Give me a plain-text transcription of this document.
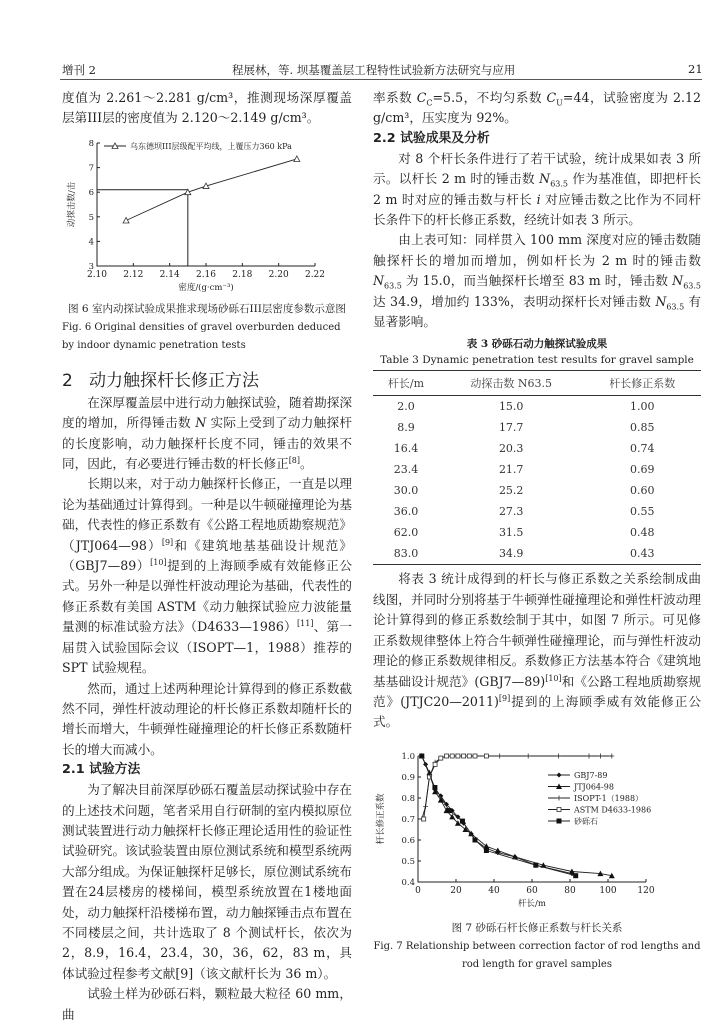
增刊 2	程展林，等. 坝基覆盖层工程特性试验新方法研究与应用	21
度值为 2.261～2.281 g/cm³，推测现场深厚覆盖层第III层的密度值为 2.120～2.149 g/cm³。
2.10 2.12 2.14 2.16 2.18 2.20 2.22
3
4
5
6
7
8
密度/(g·cm⁻³)
动探击数/击
乌东德坝III层级配平均线，上覆压力360 kPa
图 6 室内动探试验成果推求现场砂砾石III层密度参数示意图
Fig. 6 Original densities of gravel overburden deduced by indoor dynamic penetration tests
2 动力触探杆长修正方法
在深厚覆盖层中进行动力触探试验，随着勘探深度的增加，所得锤击数 N 实际上受到了动力触探杆的长度影响，动力触探杆长度不同，锤击的效果不同，因此，有必要进行锤击数的杆长修正[8]。
长期以来，对于动力触探杆长修正，一直是以理论为基础通过计算得到。一种是以牛顿碰撞理论为基础，代表性的修正系数有《公路工程地质勘察规范》（JTJ064—98）[9]和《建筑地基基础设计规范》（GBJ7—89）[10]提到的上海顾季威有效能修正公式。另外一种是以弹性杆波动理论为基础，代表性的修正系数有美国 ASTM《动力触探试验应力波能量量测的标准试验方法》（D4633—1986）[11]、第一届贯入试验国际会议（ISOPT—1，1988）推荐的 SPT 试验规程。
然而，通过上述两种理论计算得到的修正系数截然不同，弹性杆波动理论的杆长修正系数却随杆长的增长而增大，牛顿弹性碰撞理论的杆长修正系数随杆长的增大而减小。
2.1 试验方法
为了解决目前深厚砂砾石覆盖层动探试验中存在的上述技术问题，笔者采用自行研制的室内模拟原位测试装置进行动力触探杆长修正理论适用性的验证性试验研究。该试验装置由原位测试系统和模型系统两大部分组成。为保证触探杆足够长，原位测试系统布置在24层楼房的楼梯间，模型系统放置在1楼地面处，动力触探杆沿楼梯布置，动力触探锤击点布置在不同楼层之间，共计选取了 8 个测试杆长，依次为 2，8.9，16.4，23.4，30，36，62，83 m，具体试验过程参考文献[9]（该文献杆长为 36 m）。
试验土样为砂砾石料，颗粒最大粒径 60 mm，曲
率系数 $C_C=5.5$，不均匀系数 $C_U=44$，试验密度为 2.12 g/cm³，压实度为 92%。
2.2 试验成果及分析
对 8 个杆长条件进行了若干试验，统计成果如表 3 所示。以杆长 2 m 时的锤击数 $N_{63.5}$ 作为基准值，即把杆长 2 m 时对应的锤击数与杆长 i 对应锤击数之比作为不同杆长条件下的杆长修正系数，经统计如表 3 所示。
由上表可知：同样贯入 100 mm 深度对应的锤击数随触探杆长的增加而增加，例如杆长为 2 m 时的锤击数 $N_{63.5}$ 为 15.0，而当触探杆长增至 83 m 时，锤击数 $N_{63.5}$ 达 34.9，增加约 133%，表明动探杆长对锤击数 $N_{63.5}$ 有显著影响。
表 3 砂砾石动力触探试验成果
Table 3 Dynamic penetration test results for gravel sample
杆长/m	动探击数 N63.5	杆长修正系数
2.0	15.0	1.00
8.9	17.7	0.85
16.4	20.3	0.74
23.4	21.7	0.69
30.0	25.2	0.60
36.0	27.3	0.55
62.0	31.5	0.48
83.0	34.9	0.43
将表 3 统计成得到的杆长与修正系数之关系绘制成曲线图，并同时分别将基于牛顿弹性碰撞理论和弹性杆波动理论计算得到的修正系数绘制于其中，如图 7 所示。可见修正系数规律整体上符合牛顿弹性碰撞理论，而与弹性杆波动理论的修正系数规律相反。系数修正方法基本符合《建筑地基基础设计规范》(GBJ7—89)[10]和《公路工程地质勘察规范》(JTJC20—2011)[9]提到的上海顾季威有效能修正公式。
0	20	40	60	80	100 120
0.4
0.5
0.6
0.7
0.8
0.9
1.0
杆长/m
杆长修正系数
GBJ7-89
JTJ064-98
ISOPT-1（1988）
ASTM D4633-1986
砂砾石
图 7 砂砾石杆长修正系数与杆长关系
Fig. 7 Relationship between correction factor of rod lengths and rod length for gravel samples
